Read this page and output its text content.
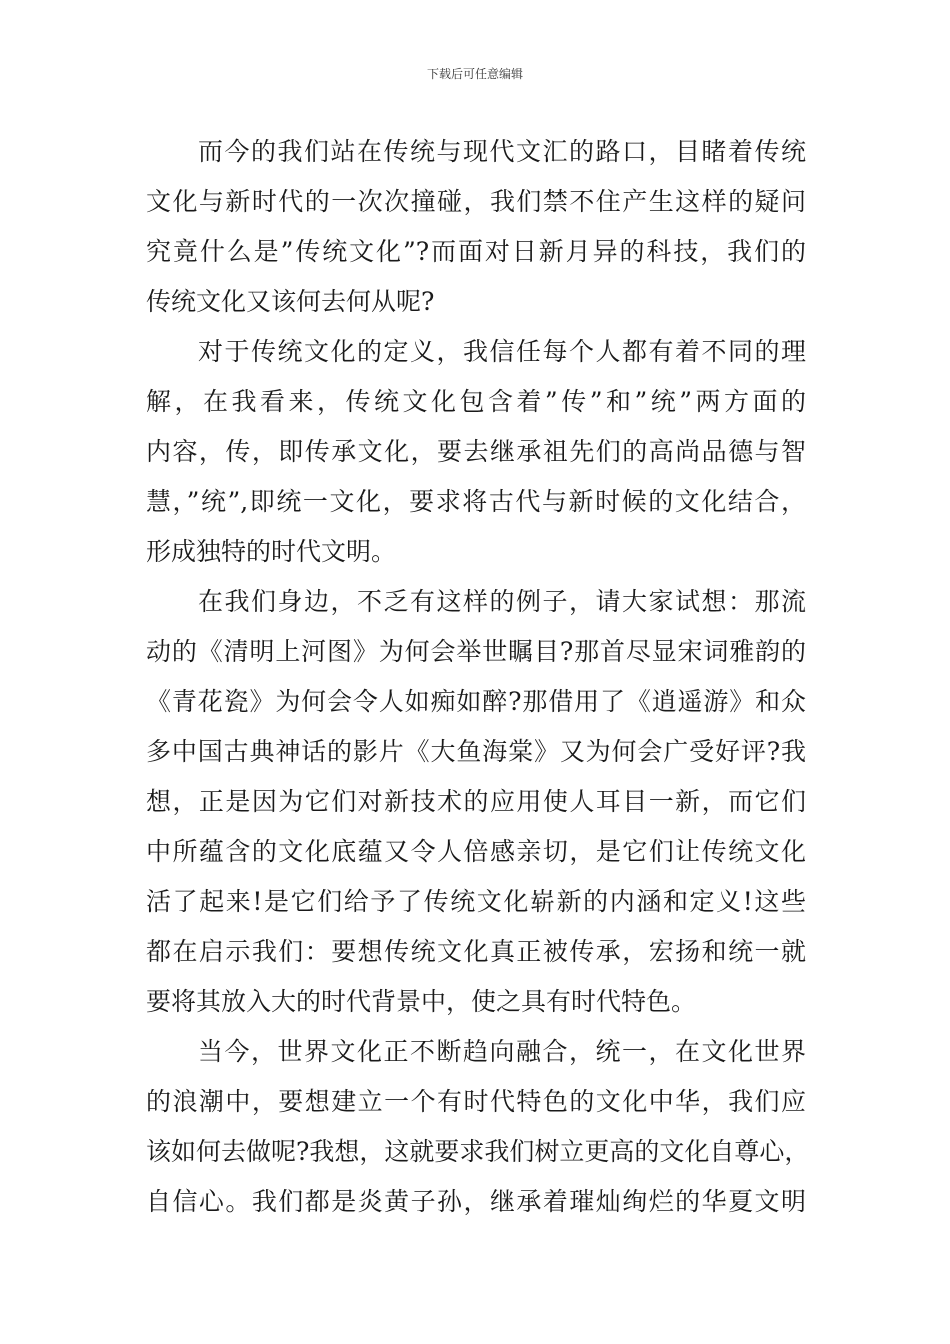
下载后可任意编辑
而今的我们站在传统与现代文汇的路口，目睹着传统
文化与新时代的一次次撞碰，我们禁不住产生这样的疑问
究竟什么是”传统文化”?而面对日新月异的科技，我们的
传统文化又该何去何从呢?
对于传统文化的定义，我信任每个人都有着不同的理
解，在我看来，传统文化包含着”传”和”统”两方面的
内容，传，即传承文化，要去继承祖先们的高尚品德与智
慧，”统”,即统一文化，要求将古代与新时候的文化结合，
形成独特的时代文明。
在我们身边，不乏有这样的例子，请大家试想：那流
动的《清明上河图》为何会举世瞩目?那首尽显宋词雅韵的
《青花瓷》为何会令人如痴如醉?那借用了《逍遥游》和众
多中国古典神话的影片《大鱼海棠》又为何会广受好评?我
想，正是因为它们对新技术的应用使人耳目一新，而它们
中所蕴含的文化底蕴又令人倍感亲切，是它们让传统文化
活了起来!是它们给予了传统文化崭新的内涵和定义!这些
都在启示我们：要想传统文化真正被传承，宏扬和统一就
要将其放入大的时代背景中，使之具有时代特色。
当今，世界文化正不断趋向融合，统一，在文化世界
的浪潮中，要想建立一个有时代特色的文化中华，我们应
该如何去做呢?我想，这就要求我们树立更高的文化自尊心，
自信心。我们都是炎黄子孙，继承着璀灿绚烂的华夏文明
